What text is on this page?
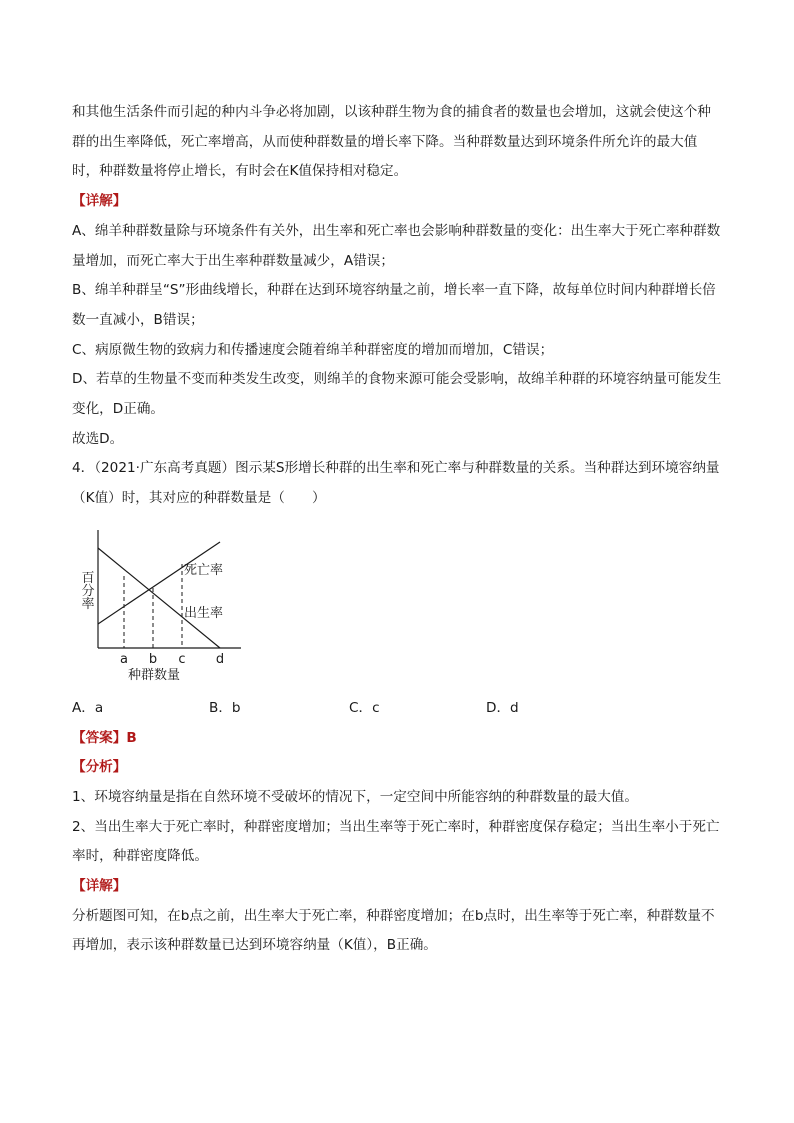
和其他生活条件而引起的种内斗争必将加剧，以该种群生物为食的捕食者的数量也会增加，这就会使这个种群的出生率降低，死亡率增高，从而使种群数量的增长率下降。当种群数量达到环境条件所允许的最大值时，种群数量将停止增长，有时会在K值保持相对稳定。

【详解】

A、绵羊种群数量除与环境条件有关外，出生率和死亡率也会影响种群数量的变化：出生率大于死亡率种群数量增加，而死亡率大于出生率种群数量减少，A错误；

B、绵羊种群呈“S”形曲线增长，种群在达到环境容纳量之前，增长率一直下降，故每单位时间内种群增长倍数一直减小，B错误；

C、病原微生物的致病力和传播速度会随着绵羊种群密度的增加而增加，C错误；

D、若草的生物量不变而种类发生改变，则绵羊的食物来源可能会受影响，故绵羊种群的环境容纳量可能发生变化，D正确。

故选D。

4．（2021·广东高考真题）图示某S形增长种群的出生率和死亡率与种群数量的关系。当种群达到环境容纳量（K值）时，其对应的种群数量是（　　）

死亡率
出生率
百分率
a b c d
种群数量
A．a	B．b	C．c	D．d

【答案】B

【分析】

1、环境容纳量是指在自然环境不受破坏的情况下，一定空间中所能容纳的种群数量的最大值。

2、当出生率大于死亡率时，种群密度增加；当出生率等于死亡率时，种群密度保存稳定；当出生率小于死亡率时，种群密度降低。

【详解】

分析题图可知，在b点之前，出生率大于死亡率，种群密度增加；在b点时，出生率等于死亡率，种群数量不再增加，表示该种群数量已达到环境容纳量（K值），B正确。
